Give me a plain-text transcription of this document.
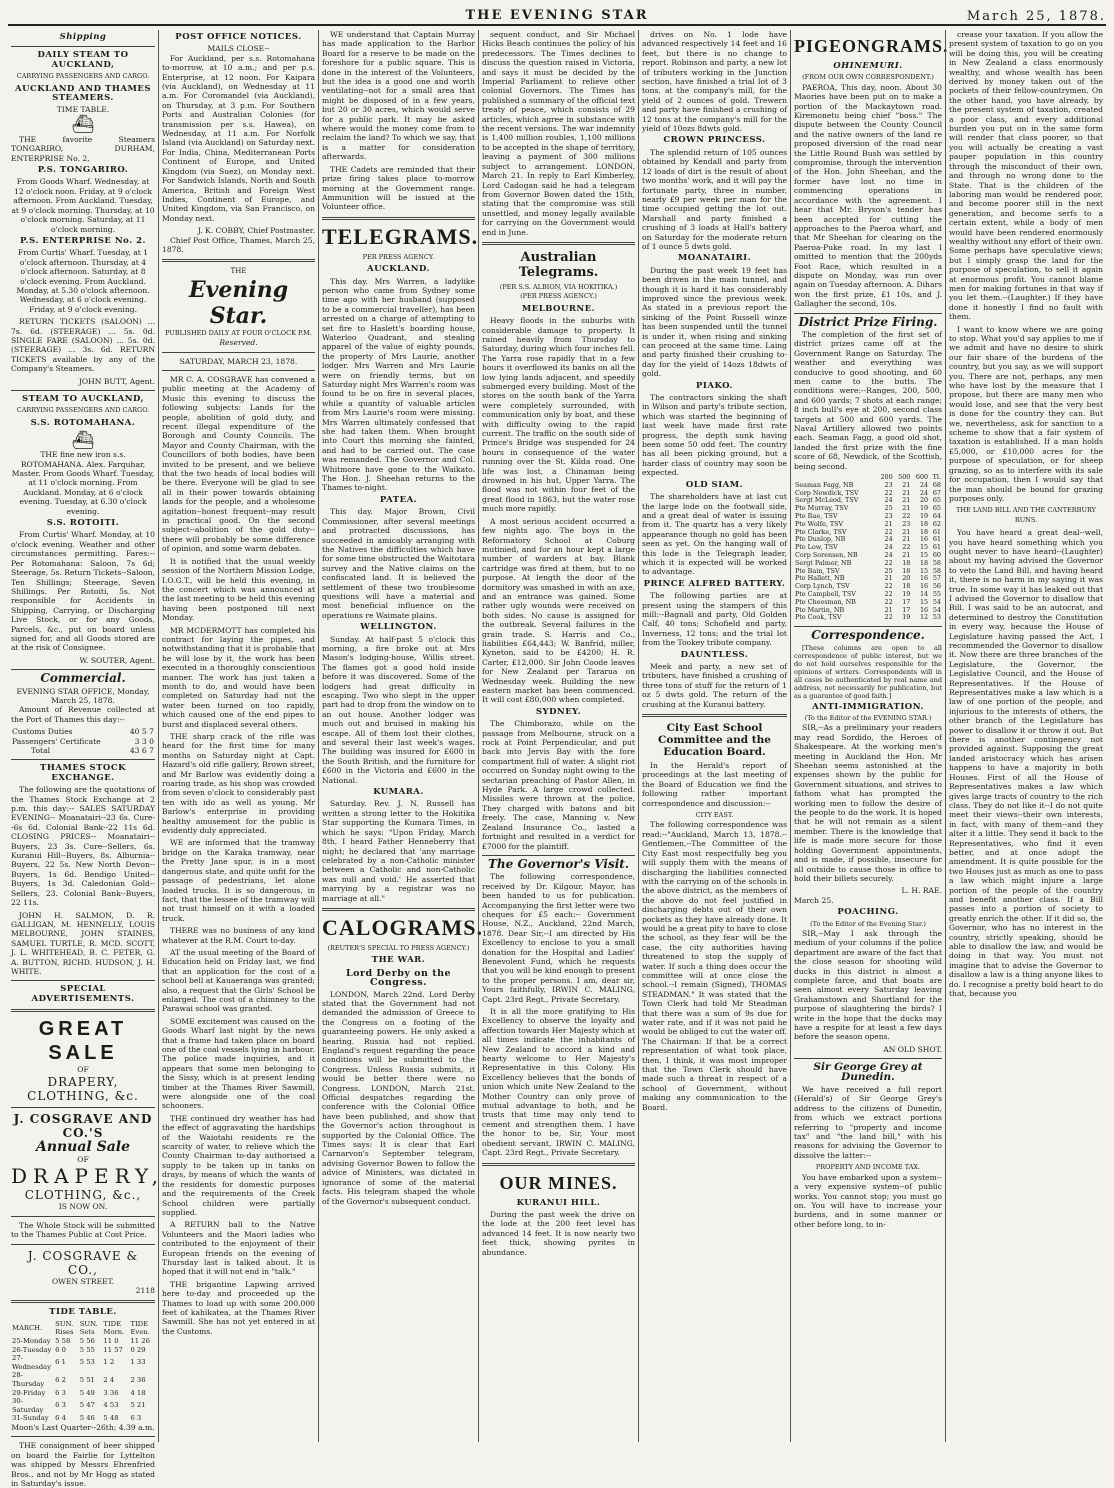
THE EVENING STAR	March 25, 1878.
Shipping
DAILY STEAM TO AUCKLAND,
CARRYING PASSENGERS AND CARGO.
AUCKLAND AND THAMES STEAMERS.
TIME TABLE.
⛴

THE favorite Steamers TONGARIRO, DURHAM, ENTERPRISE No. 2,

P.S. TONGARIRO.

From Goods Wharf. Wednesday, at 12 o'clock noon. Friday, at 9 o'clock afternoon. From Auckland. Tuesday, at 9 o'clock morning. Thursday, at 10 o'clock morning. Saturday, at 11 o'clock morning.

P.S. ENTERPRISE No. 2.

From Curtis' Wharf. Tuesday, at 1 o'clock afternoon. Thursday, at 4 o'clock afternoon. Saturday, at 8 o'clock evening. From Auckland. Monday, at 5.30 o'clock afternoon. Wednesday, at 6 o'clock evening. Friday, at 9 o'clock evening.

RETURN TICKETS (SALOON) ... 7s. 6d. (STEERAGE) ... 5s. 0d. SINGLE FARE (SALOON) ... 5s. 0d. (STEERAGE) ... 3s. 6d. RETURN TICKETS available by any of the Company's Steamers.

JOHN BUTT, Agent.
STEAM TO AUCKLAND,
CARRYING PASSENGERS AND CARGO.
S.S. ROTOMAHANA.
⛴

THE fine new iron s.s. ROTOMAHANA. Alex. Farquhar, Master. From Goods Wharf. Tuesday, at 11 o'clock morning. From Auckland. Monday, at 6 o'clock evening. Tuesday, at 6.30 o'clock evening.

S.S. ROTOITI.

From Curtis' Wharf. Monday, at 10 o'clock evening. Weather and other circumstances permitting. Fares:--Per Rotomahana: Saloon, 7s 6d; Steerage, 5s. Return Tickets--Saloon, Ten Shillings; Steerage, Seven Shillings. Per Rotoiti, 5s. Not responsible for Accidents in Shipping, Carrying, or Discharging Live Stock, or for any Goods, Parcels, &c., put on board unless signed for, and all Goods stored are at the risk of Consignee.

W. SOUTER, Agent.
Commercial.
EVENING STAR OFFICE, Monday, March 25, 1878.

Amount of Revenue collected at the Port of Thames this day:--

Customs Duties	40 5 7
Passengers' Certificate	3 3 0
Total	43 6 7
THAMES STOCK EXCHANGE.

The following are the quotations of the Thames Stock Exchange at 2 p.m. this day:-- SALES SATURDAY EVENING-- Moanatairi--23 6s. Cure--6s 6d. Colonial Bank--22 11s 6d. CLOSING PRICES-- Moanatairi--Buyers, 23 3s. Cure--Sellers, 6s. Kuranui Hill--Buyers, 8s. Alburnia--Buyers, 22 5s. New North Devon--Buyers, 1s 6d. Bendigo United--Buyers, 1s 3d. Caledonian Gold--Sellers, 23. Colonial Bank--Buyers, 22 11s.

JOHN H. SALMON, D. R. GALLIGAN, M. HENNELLY, LOUIS MELBOURNE, JOHN STAINES, SAMUEL TURTLE, R. MCD. SCOTT, J. L. WHITEHEAD, B. C. FETER, G. A. BUTTON, RICHD. HUDSON, J. H. WHITE.

SPECIAL ADVERTISEMENTS.
GREAT SALE
OF
DRAPERY, CLOTHING, &c.
J. COSGRAVE AND CO.'S
Annual Sale
OF
DRAPERY,
CLOTHING, &c.,
IS NOW ON.

The Whole Stock will be submitted to the Thames Public at Cost Price.

J. COSGRAVE & CO.,
OWEN STREET.
2118
TIDE TABLE.
MARCH.	SUN. Rises	SUN. Sets	TIDE Morn.	TIDE Even.
25-Monday	5 58	5 56	11 0	11 26
26-Tuesday	6 0	5 55	11 57	0 29
27-Wednesday	6 1	5 53	1 2	1 33
28-Thursday	6 2	5 51	2 4	2 36
29-Friday	6 3	5 49	3 36	4 18
30-Saturday	6 3	5 47	4 53	5 21
31-Sunday	6 4	5 46	5 48	6 3
Moon's Last Quarter--26th; 4.39 a.m.

THE consignment of beer shipped on board the Fairlie for Lyttelton was shipped by Messrs Ehrenfried Bros., and not by Mr Hogg as stated in Saturday's issue.

POST OFFICE NOTICES.
MAILS CLOSE--

For Auckland, per s.s. Rotomahana to-morrow, at 10 a.m.; and per p.s. Enterprise, at 12 noon. For Kaipara (via Auckland), on Wednesday at 11 a.m. For Coromandel (via Auckland), on Thursday, at 3 p.m. For Southern Ports and Australian Colonies (for transmission per s.s. Hawea), on Wednesday, at 11 a.m. For Norfolk Island (via Auckland) on Saturday next. For India, China, Mediterranean Ports Continent of Europe, and United Kingdom (via Suez), on Monday next. For Sandwich Islands, North and South America, British and Foreign West Indies, Continent of Europe, and United Kingdom, via San Francisco, on Monday next.

J. K. COBBY, Chief Postmaster.

Chief Post Office, Thames, March 25, 1878.

THE
Evening Star.
PUBLISHED DAILY AT FOUR O'CLOCK P.M.
Reserved.
SATURDAY, MARCH 23, 1878.

MR C. A. COSGRAVE has convened a public meeting at the Academy of Music this evening to discuss the following subjects: Lands for the people, abolition of gold duty, and recent illegal expenditure of the Borough and County Councils. The Mayor and County Chairman, with the Councillors of both bodies, have been invited to be present, and we believe that the two heads of local bodies will be there. Everyone will be glad to see all in their power towards obtaining lands for the people, and a wholesome agitation--honest frequent--may result in practical good. On the second subject--abolition of the gold duty--there will probably be some difference of opinion, and some warm debates.

It is notified that the usual weekly session of the Northern Mission Lodge, I.O.G.T., will be held this evening, in the concert which was announced at the last meeting to be held this evening having been postponed till next Monday.

MR MCDERMOTT has completed his contract for laying the pipes, and notwithstanding that it is probable that he will lose by it, the work has been executed in a thoroughly conscientious manner. The work has just taken a month to do, and would have been completed on Saturday had not the water been turned on too rapidly, which caused one of the end pipes to burst and displaced several others.

THE sharp crack of the rifle was heard for the first time for many months on Saturday night at Capt. Hazard's old rifle gallery, Brown street, and Mr Barlow was evidently doing a roaring trade, as his shop was crowded from seven o'clock to considerably past ten with ido as well as young. Mr Barlow's enterprise in providing healthy amusement for the public is evidently duly appreciated.

WE are informed that the tramway bridge on the Karaka tramway, near the Pretty Jane spur, is in a most dangerous state, and quite unfit for the passage of pedestrians, let alone loaded trucks. It is so dangerous, in fact, that the lessee of the tramway will not trust himself on it with a loaded truck.

THERE was no business of any kind whatever at the R.M. Court to-day.

AT the usual meeting of the Board of Education held on Friday last, we find that an application for the cost of a school bell at Kauaeranga was granted; also, a request that the Girls' School be enlarged. The cost of a chimney to the Parawai school was granted.

SOME excitement was caused on the Goods Wharf last night by the news that a frame had taken place on board one of the coal vessels lying in harbour. The police made inquiries, and it appears that some men belonging to the Sissy, which is at present lending timber at the Thames River Sawmill, were alongside one of the coal schooners.

THE continued dry weather has had the effect of aggravating the hardships of the Waiotahi residents re the scarcity of water, to relieve which the County Chairman to-day authorised a supply to be taken up in tanks on drays, by means of which the wants of the residents for domestic purposes and the requirements of the Creek School children were partially supplied.

A RETURN ball to the Native Volunteers and the Maori ladies who contributed to the enjoyment of their European friends on the evening of Thursday last is talked about. It is hoped that it will not end in "talk."

THE brigantine Lapwing arrived here to-day and proceeded up the Thames to load up with some 200,000 feet of kahikatea, at the Thames River Sawmill. She has not yet entered in at the Customs.

WE understand that Captain Murray has made application to the Harbor Board for a reserve to be made on the foreshore for a public square. This is done in the interest of the Volunteers, but the idea is a good one and worth ventilating--not for a small area that might be disposed of in a few years, but 20 or 30 acres, which would serve for a public park. It may be asked where would the money come from to reclaim the land? To which we say, that is a matter for consideration afterwards.

THE Cadets are reminded that their prize firing takes place to-morrow morning at the Government range. Ammunition will be issued at the Volunteer office.

TELEGRAMS.
PER PRESS AGENCY.
AUCKLAND.

This day. Mrs Warren, a ladylike person who came from Sydney some time ago with her husband (supposed to be a commercial traveller), has been arrested on a charge of attempting to set fire to Haslett's boarding house, Waterloo Quadrant, and stealing apparel of the value of eighty pounds, the property of Mrs Laurie, another lodger. Mrs Warren and Mrs Laurie were on friendly terms, but on Saturday night Mrs Warren's room was found to be on fire in several places, while a quantity of valuable articles from Mrs Laurie's room were missing. Mrs Warren ultimately confessed that she had taken them. When brought into Court this morning she fainted, and had to be carried out. The case was remanded. The Governor and Col. Whitmore have gone to the Waikato. The Hon. J. Sheehan returns to the Thames to-night.

PATEA.

This day. Major Brown, Civil Commissioner, after several meetings and protracted discussions, has succeeded in amicably arranging with the Natives the difficulties which have for some time obstructed the Waitotara survey and the Native claims on the confiscated land. It is believed the settlement of these two troublesome questions will have a material and most beneficial influence on the operations re Waimate plains.

WELLINGTON.

Sunday. At half-past 5 o'clock this morning, a fire broke out at Mrs Mason's lodging-house, Willis street. The flames got a good hold inside before it was discovered. Some of the lodgers had great difficulty in escaping. Two who slept in the upper part had to drop from the window on to an out house. Another lodger was much out and bruised in making his escape. All of them lost their clothes, and several their last week's wages. The building was insured for £600 in the South British, and the furniture for £600 in the Victoria and £600 in the National.

KUMARA.

Saturday. Rev. J. N. Russell has written a strong letter to the Hokitika Star supporting the Kumara Times, in which he says: "Upon Friday, March 8th, I heard Father Henneberry that night; he declared that 'any marriage celebrated by a non-Catholic minister between a Catholic and non-Catholic was null and void.' He asserted that marrying by a registrar was no marriage at all."

CALOGRAMS.
(REUTER'S SPECIAL TO PRESS AGENCY.)
THE WAR.
Lord Derby on the Congress.

LONDON, March 22nd. Lord Derby stated that the Government had not demanded the admission of Greece to the Congress on a footing of the guaranteeing powers. He only asked a hearing. Russia had not replied. England's request regarding the peace conditions will be submitted to the Congress. Unless Russia submits, it would be better there were no Congress. LONDON, March 21st. Official despatches regarding the conference with the Colonial Office have been published, and show that the Governor's action throughout is supported by the Colonial Office. The Times says: It is clear that Earl Carnarvon's September telegram, advising Governor Bowen to follow the advice of Ministers, was dictated in ignorance of some of the material facts. His telegram shaped the whole of the Governor's subsequent conduct.

sequent conduct, and Sir Michael Hicks Beach continues the policy of his predecessors. The Times declines to discuss the question raised in Victoria, and says it must be decided by the Imperial Parliament to relieve other colonial Governors. The Times has published a summary of the official text treaty of peace, which consists of 29 articles, which agree in substance with the recent versions. The war indemnity is 1,400 million roubles, 1,100 millions to be accepted in the shape of territory, leaving a payment of 300 millions subject to arrangement. LONDON, March 21. In reply to Earl Kimberley, Lord Cadogan said he had a telegram from Governor Bowen dated the 15th, stating that the compromise was still unsettled, and money legally available for carrying on the Government would end in June.

Australian Telegrams.
(PER S.S. ALBION, VIA HOKITIKA.)
(PER PRESS AGENCY.)
MELBOURNE.

Heavy floods in the suburbs with considerable damage to property. It rained heavily from Thursday to Saturday, during which four inches fell. The Yarra rose rapidly that in a few hours it overflowed its banks on all the low lying lands adjacent, and speedily submerged every building. Most of the stores on the south bank of the Yarra were completely surrounded, with communication only by boat, and these with difficulty owing to the rapid current. The traffic on the south side of Prince's Bridge was suspended for 24 hours in consequence of the water running over the St. Kilda road. One life was lost, a Chinaman being drowned in his hut, Upper Yarra. The flood was not within four feet of the great flood in 1863, but the water rose much more rapidly.

A most serious accident occurred a few nights ago. The boys in the Reformatory School at Coburg mutinied, and for an hour kept a large number of warders at bay. Blank cartridge was fired at them, but to no purpose. At length the door of the dormitory was smashed in with an axe, and an entrance was gained. Some rather ugly wounds were received on both sides. No cause is assigned for the outbreak. Several failures in the grain trade. S. Harris and Co., liabilities £64,443; W. Banfrid, miller, Kyneton, said to be £4200; H. R. Carter, £12,000. Sir John Coode leaves for New Zealand per Tararua on Wednesday week. Building the new eastern market has been commenced. It will cost £80,000 when completed.

SYDNEY.

The Chimborazo, while on the passage from Melbourne, struck on a rock at Point Perpendicular, and put back into Jervis Bay with the fore compartment full of water. A slight riot occurred on Sunday night owing to the sectarian preaching of Pastor Allen, in Hyde Park. A large crowd collected. Missiles were thrown at the police. They charged with batons and bit freely. The case, Manning v. New Zealand Insurance Co., lasted a fortnight and resulted in a verdict for £7000 for the plaintiff.

The Governor's Visit.

The following correspondence, received by Dr. Kilgour, Mayor, has been handed to us for publication. Accompanying the first letter were two cheques for £5 each:-- Government House, N.Z., Auckland, 22nd March, 1878. Dear Sir,--I am directed by His Excellency to enclose to you a small donation for the Hospital and Ladies' Benevolent Fund, which he requests that you will be kind enough to present to the proper persons. I am, dear sir, Yours faithfully, IRWIN C. MALING, Capt. 23rd Regt., Private Secretary.

It is all the more gratifying to His Excellency to observe the loyalty and affection towards Her Majesty which at all times indicate the inhabitants of New Zealand to accord a kind and hearty welcome to Her Majesty's Representative in this Colony. His Excellency believes that the bonds of union which unite New Zealand to the Mother Country can only prove of mutual advantage to both, and he trusts that time may only tend to cement and strengthen them. I have the honor to be, Sir, Your most obedient servant, IRWIN C. MALING, Capt. 23rd Regt., Private Secretary.

OUR MINES.
KURANUI HILL.

During the past week the drive on the lode at the 200 feet level has advanced 14 feet. It is now nearly two feet thick, showing pyrites in abundance.

drives on No. 1 lode have advanced respectively 14 feet and 16 feet, but there is no change to report. Robinson and party, a new lot of tributers working in the Junction section, have finished a trial lot of 3 tons, at the company's mill, for the yield of 2 ounces of gold. Trewern and party have finished a crushing of 12 tons at the company's mill for the yield of 10ozs 8dwts gold.

CROWN PRINCESS.

The splendid return of 105 ounces obtained by Kendall and party from 12 loads of dirt is the result of about two months' work, and it will pay the fortunate party, three in number, nearly £9 per week per man for the time occupied getting the lot out. Marshall and party finished a crushing of 3 loads at Hall's battery on Saturday for the moderate return of 1 ounce 5 dwts gold.

MOANATAIRI.

During the past week 19 feet has been driven in the main tunnel, and though it is hard it has considerably improved since the previous week. As stated in a previous report the sinking of the Point Russell winze has been suspended until the tunnel is under it, when rising and sinking can proceed at the same time. Laing and party finished their crushing to-day for the yield of 14ozs 18dwts of gold.

PIAKO.

The contractors sinking the shaft in Wilson and party's tribute section, which was started the beginning of last week have made first rate progress, the depth sunk having been some 50 odd feet. The country has all been picking ground, but a harder class of country may soon be expected.

OLD SIAM.

The shareholders have at last cut the large lode on the footwall side, and a great deal of water is issuing from it. The quartz has a very likely appearance though no gold has been seen as yet. On the hanging wall of this lode is the Telegraph leader, which it is expected will be worked to advantage.

PRINCE ALFRED BATTERY.

The following parties are at present using the stampers of this mill:--Bagnall and party, Old Golden Calf, 40 tons; Schofield and party, Inverness, 12 tons; and the trial lot from the Tookey tribute company.

DAUNTLESS.

Meek and party, a new set of tributers, have finished a crushing of three tons of stuff for the return of 1 oz 5 dwts gold. The return of the crushing at the Kuranui battery.

City East School Committee and the Education Board.

In the Herald's report of proceedings at the last meeting of the Board of Education we find the following rather important correspondence and discussion:--

CITY EAST.

The following correspondence was read:--"Auckland, March 13, 1878.--Gentlemen,--The Committee of the City East most respectfully beg you will supply them with the means of discharging the liabilities connected with the carrying on of the schools in the above district, as the members of the above do not feel justified in discharging debts out of their own pockets as they have already done. It would be a great pity to have to close the school, as they fear will be the case, the city authorities having threatened to stop the supply of water. If such a thing does occur the committee will at once close the school.--I remain (Signed), THOMAS STEADMAN." It was stated that the Town Clerk had told Mr Steadman that there was a sum of 9s due for water rate, and if it was not paid he would be obliged to cut the water off. The Chairman: If that be a correct representation of what took place, then, I think, it was most improper that the Town Clerk should have made such a threat in respect of a school of Government, without making any communication to the Board.

PIGEONGRAMS.
OHINEMURI.
(FROM OUR OWN CORRESPONDENT.)

PAEROA, This day, noon. About 30 Maories have been put on to make a portion of the Mackaytown road. Kiremonetu being chief "boss." The dispute between the County Council and the native owners of the land re proposed diversion of the road near the Little Round Bush was settled by compromise, through the intervention of the Hon. John Sheehan, and the former have lost no time in commencing operations in accordance with the agreement. I hear that Mr. Bryson's tender has been accepted for cutting the approaches to the Paeroa wharf, and that Mr Sheehan for clearing on the Paeroa-Puke road. In my last I omitted to mention that the 200yds Foot Race, which resulted in a dispute on Monday, was run over again on Tuesday afternoon. A. Dihars won the first prize, £1 10s, and J. Gallagher the second, 10s.

District Prize Firing.

The completion of the first set of district prizes came off at the Government Range on Saturday. The weather and everything was conducive to good shooting, and 60 men came to the butts. The conditions were:--Ranges, 200, 500, and 600 yards; 7 shots at each range; 8 inch bull's eye at 200, second class targets at 500 and 600 yards. The Naval Artillery allowed two points each. Seaman Fagg, a good old shot, landed the first prize with the fine score of 68, Newdick, of the Scottish, being second.

	200	500	600	Tl.
Seaman Fagg, NB	23	21	24	68
Corp Newdick, TSV	22	21	24	67
Sergt McLeod, TSV	24	21	20	65
Pte Murray, TSV	25	21	19	65
Pte Rae, TSV	23	22	19	64
Pte Wolfe, TSV	21	23	18	62
Pte Clarke, TSV	22	21	18	61
Pte Dunlop, NB	24	21	16	61
Pte Low, TSV	24	22	15	61
Corp Sorensen, NB	24	21	15	60
Sergt Palmer, NB	22	18	18	58
Pte Bain, TSV	25	18	15	58
Pte Hallett, NB	21	20	16	57
Corp Lynch, TSV	22	18	16	56
Pte Campbell, TSV	22	19	14	55
Pte Cheesman, NB	22	17	15	54
Pte Martin, NB	21	17	16	54
Pte Cook, TSV	22	19	12	53
Correspondence.

[These columns are open to all correspondence of public interest, but we do not hold ourselves responsible for the opinions of writers. Correspondents will in all cases be authenticated by real name and address, not necessarily for publication, but as a guarantee of good faith.]

ANTI-IMMIGRATION.
(To the Editor of the EVENING STAR.)

SIR,--As a preliminary your readers may read Sordido, the Heroes of Shakespeare. At the working men's meeting in Auckland the Hon. Mr Sheehan seems astonished at the expenses shown by the public for Government situations, and strives to fathom what has prompted the working men to follow the desire of the people to do the work. It is hoped that he will not remain as a silent member. There is the knowledge that life is made more secure for those holding Government appointments, and is made, if possible, insecure for all outside to cause those in office to hold their billets securely.

L. H. RAE.
March 25.
POACHING.
(To the Editor of the Evening Star.)

SIR,--May I ask through the medium of your columns if the police department are aware of the fact that the close season for shooting wild ducks in this district is almost a complete farce, and that boats are seen almost every Saturday leaving Grahamstown and Shortland for the purpose of slaughtering the birds? I write in the hope that the ducks may have a respite for at least a few days before the season opens.

AN OLD SHOT.
Sir George Grey at Dunedin.

We have received a full report (Herald's) of Sir George Grey's address to the citizens of Dunedin, from which we extract portions referring to "property and income tax" and "the land bill," with his reasons for advising the Governor to dissolve the latter:--

PROPERTY AND INCOME TAX.

You have embarked upon a system--a very expensive system--of public works. You cannot stop; you must go on. You will have to increase your burdens, and in some manner or other before long, to in-

crease your taxation. If you allow the present system of taxation to go on you will be doing this, you will be creating in New Zealand a class enormously wealthy, and whose wealth has been derived by money taken out of the pockets of their fellow-countrymen. On the other hand, you have already, by the present system of taxation, created a poor class, and every additional burden you put on in the same form will render that class poorer, so that you will actually be creating a vast pauper population in this country through the misconduct of their own, and through no wrong done to the State. That is the children of the laboring man would be rendered poor, and become poorer still in the next generation, and become serfs to a certain extent, while a body of men would have been rendered enormously wealthy without any effort of their own. Some perhaps have speculative views; but I simply grasp the land for the purpose of speculation, to sell it again at enormous profit. You cannot blame men for making fortunes in that way if you let them.--(Laughter.) If they have done it honestly I find no fault with them.

I want to know where we are going to stop. What you'd say applies to me if we admit and have no desire to shirk our fair share of the burdens of the country, but you say, as we will support you. There are not, perhaps, any men who have lost by the measure that I propose, but there are many men who would lose, and see that the very best is done for the country they can. But we, nevertheless, ask for sanction to a scheme to show that a fair system of taxation is established. If a man holds £5,000, or £10,000 acres for the purpose of speculation, or for sheep grazing, so as to interfere with its sale for occupation, then I would say that the man should be bound for grazing purposes only.

THE LAND BILL AND THE CANTERBURY RUNS.

You have heard a great deal--well, you have heard something which you ought never to have heard--(Laughter) about my having advised the Governor to veto the Land Bill, and having heard it, there is no harm in my saying it was true. In some way it has leaked out that I advised the Governor to disallow that Bill. I was said to be an autocrat, and determined to destroy the Constitution in every way, because the House of Legislature having passed the Act, I recommended the Governor to disallow it. Now there are three branches of the Legislature, the Governor, the Legislative Council, and the House of Representatives. If the House of Representatives make a law which is a law of one portion of the people, and injurious to the interests of others, the other branch of the Legislature has power to disallow it or throw it out. But there is another contingency not provided against. Supposing the great landed aristocracy which has arisen happens to have a majority in both Houses. First of all the House of Representatives makes a law which gives large tracts of country to the rich class. They do not like it--I do not quite meet their views--their own interests, in fact, with many of them--and they alter it a little. They send it back to the Representatives, who find it even better, and at once adopt the amendment. It is quite possible for the two Houses just as much as one to pass a law which might injure a large portion of the people of the country and benefit another class. If a Bill passes into a portion of society to greatly enrich the other. If it did so, the Governor, who has no interest in the country, strictly speaking, should be able to disallow the law, and would be doing in that way. You must not imagine that to advise the Governor to disallow a law is a thing anyone likes to do. I recognise a pretty bold heart to do that, because you
